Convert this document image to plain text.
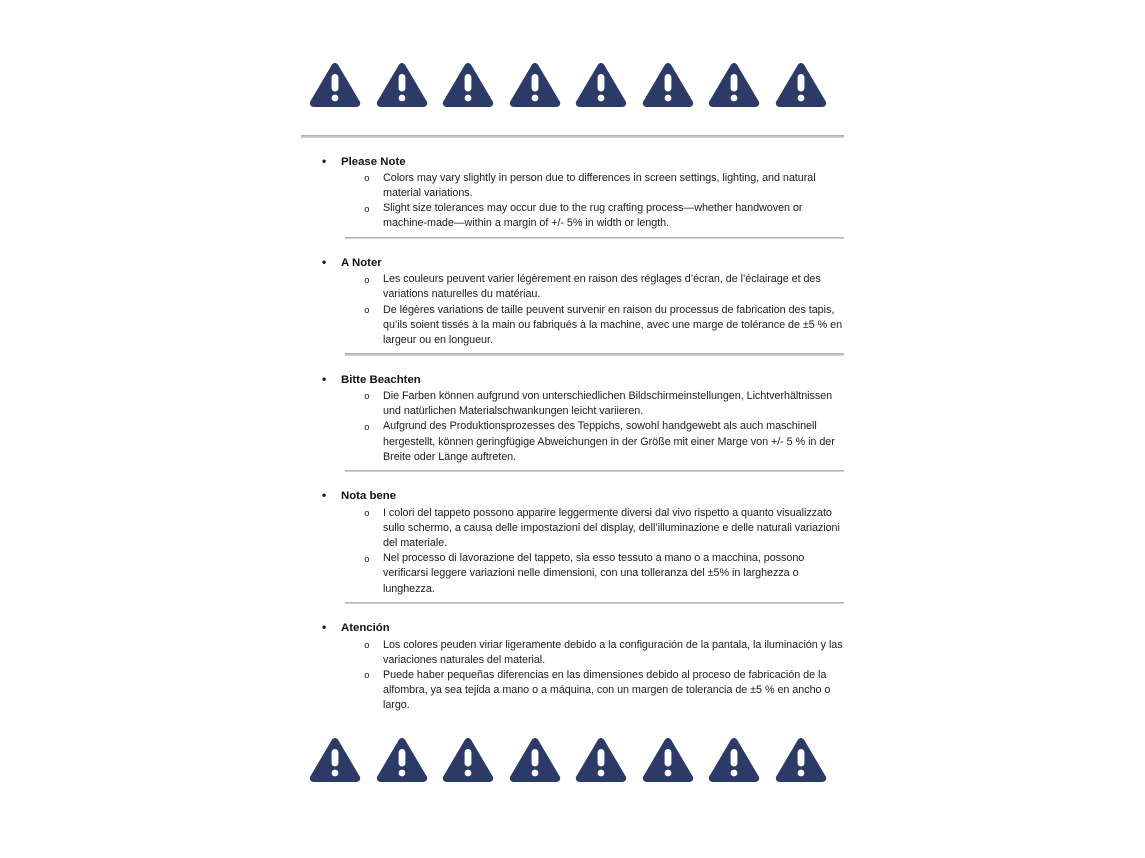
• Please Note
o Colors may vary slightly in person due to differences in screen settings, lighting, and natural material variations.
o Slight size tolerances may occur due to the rug crafting process—whether handwoven or machine-made—within a margin of +/- 5% in width or length.
• A Noter
o Les couleurs peuvent varier légèrement en raison des réglages d’écran, de l’éclairage et des variations naturelles du matériau.
o De légères variations de taille peuvent survenir en raison du processus de fabrication des tapis, qu’ils soient tissés à la main ou fabriqués à la machine, avec une marge de tolérance de ±5 % en largeur ou en longueur.
• Bitte Beachten
o Die Farben können aufgrund von unterschiedlichen Bildschirmeinstellungen, Lichtverhältnissen und natürlichen Materialschwankungen leicht variieren.
o Aufgrund des Produktionsprozesses des Teppichs, sowohl handgewebt als auch maschinell hergestellt, können geringfügige Abweichungen in der Größe mit einer Marge von +/- 5 % in der Breite oder Länge auftreten.
• Nota bene
o I colori del tappeto possono apparire leggermente diversi dal vivo rispetto a quanto visualizzato sullo schermo, a causa delle impostazioni del display, dell’illuminazione e delle naturali variazioni del materiale.
o Nel processo di lavorazione del tappeto, sia esso tessuto a mano o a macchina, possono verificarsi leggere variazioni nelle dimensioni, con una tolleranza del ±5% in larghezza o lunghezza.
• Atención
o Los colores peuden viriar ligeramente debido a la configuración de la pantala, la iluminación y las variaciones naturales del material.
o Puede haber pequeñas diferencias en las dimensiones debido al proceso de fabricación de la alfombra, ya sea tejida a mano o a máquina, con un margen de tolerancia de ±5 % en ancho o largo.
